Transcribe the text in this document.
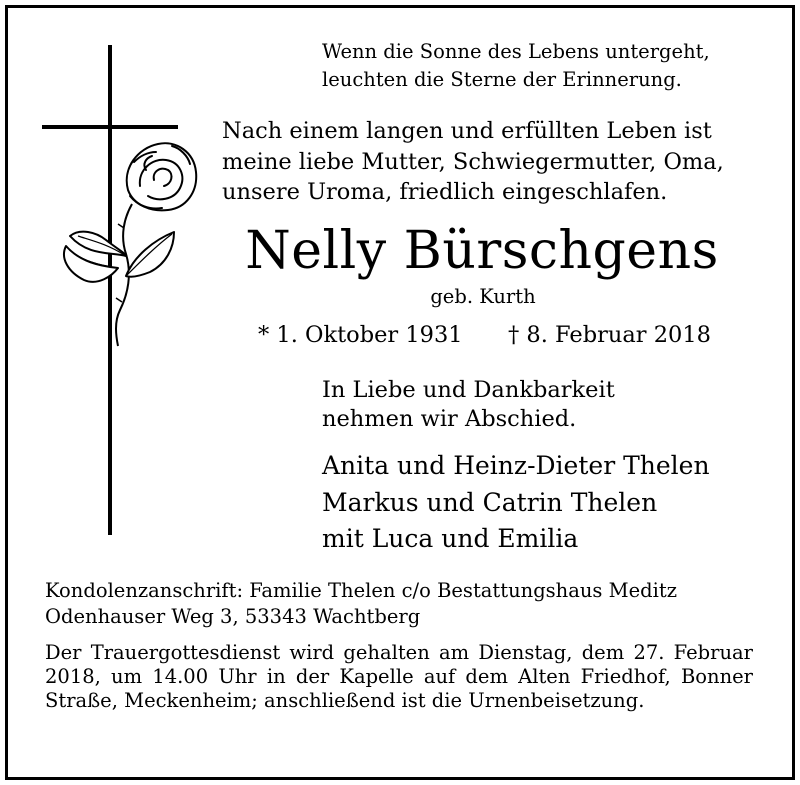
Wenn die Sonne des Lebens untergeht,
leuchten die Sterne der Erinnerung.
Nach einem langen und erfüllten Leben ist
meine liebe Mutter, Schwiegermutter, Oma,
unsere Uroma, friedlich eingeschlafen.
Nelly Bürschgens
geb. Kurth
* 1. Oktober 1931 † 8. Februar 2018
In Liebe und Dankbarkeit
nehmen wir Abschied.
Anita und Heinz-Dieter Thelen
Markus und Catrin Thelen
mit Luca und Emilia
Kondolenzanschrift: Familie Thelen c/o Bestattungshaus Meditz
Odenhauser Weg 3, 53343 Wachtberg
Der Trauergottesdienst wird gehalten am Dienstag, dem 27. Februar 2018, um 14.00 Uhr in der Kapelle auf dem Alten Friedhof, Bonner Straße, Meckenheim; anschließend ist die Urnenbeisetzung.
